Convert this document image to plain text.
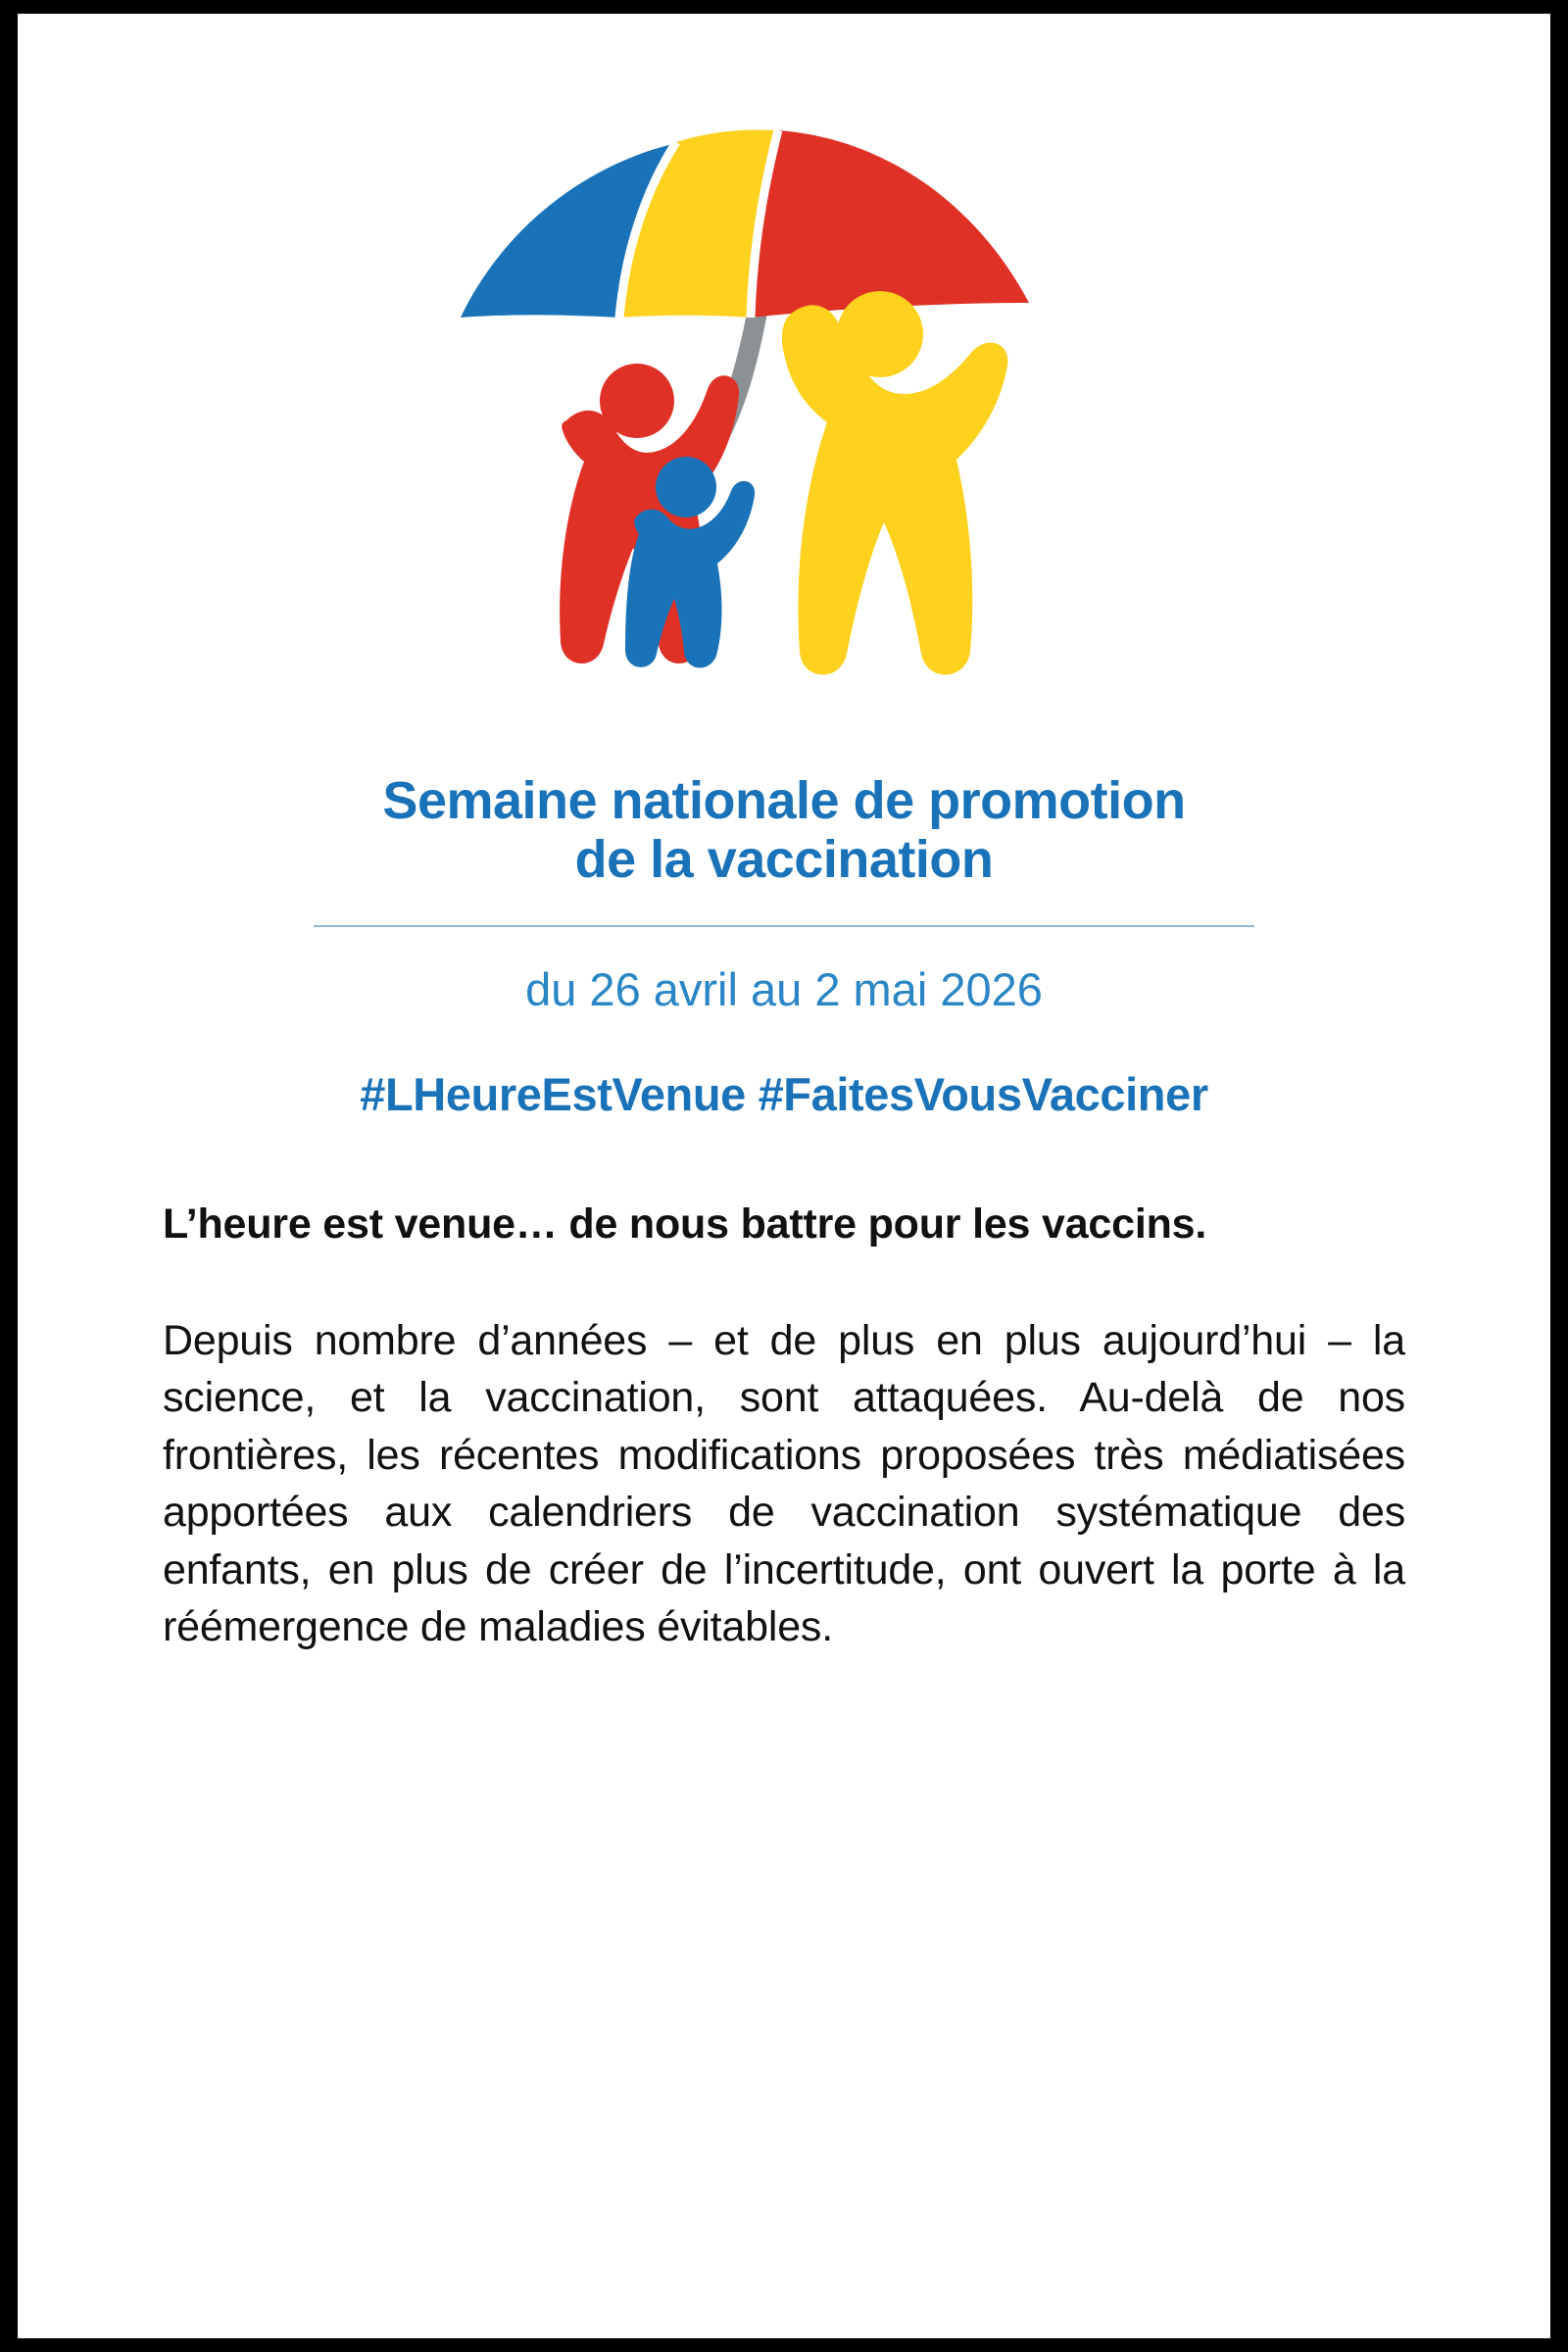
Semaine nationale de promotion
de la vaccination
du 26 avril au 2 mai 2026
#LHeureEstVenue #FaitesVousVacciner

L’heure est venue… de nous battre pour les vaccins.

Depuis nombre d’années – et de plus en plus aujourd’hui – la science, et la vaccination, sont attaquées. Au-delà de nos frontières, les récentes modifications proposées très médiatisées apportées aux calendriers de vaccination systématique des enfants, en plus de créer de l’incertitude, ont ouvert la porte à la réémergence de maladies évitables.
